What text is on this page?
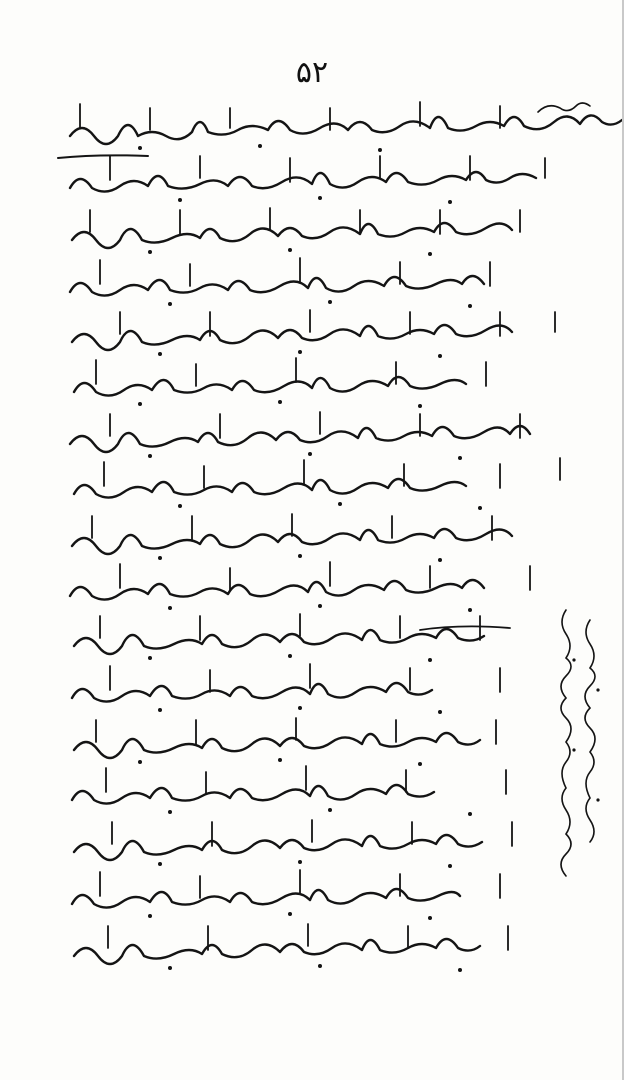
۵۲
